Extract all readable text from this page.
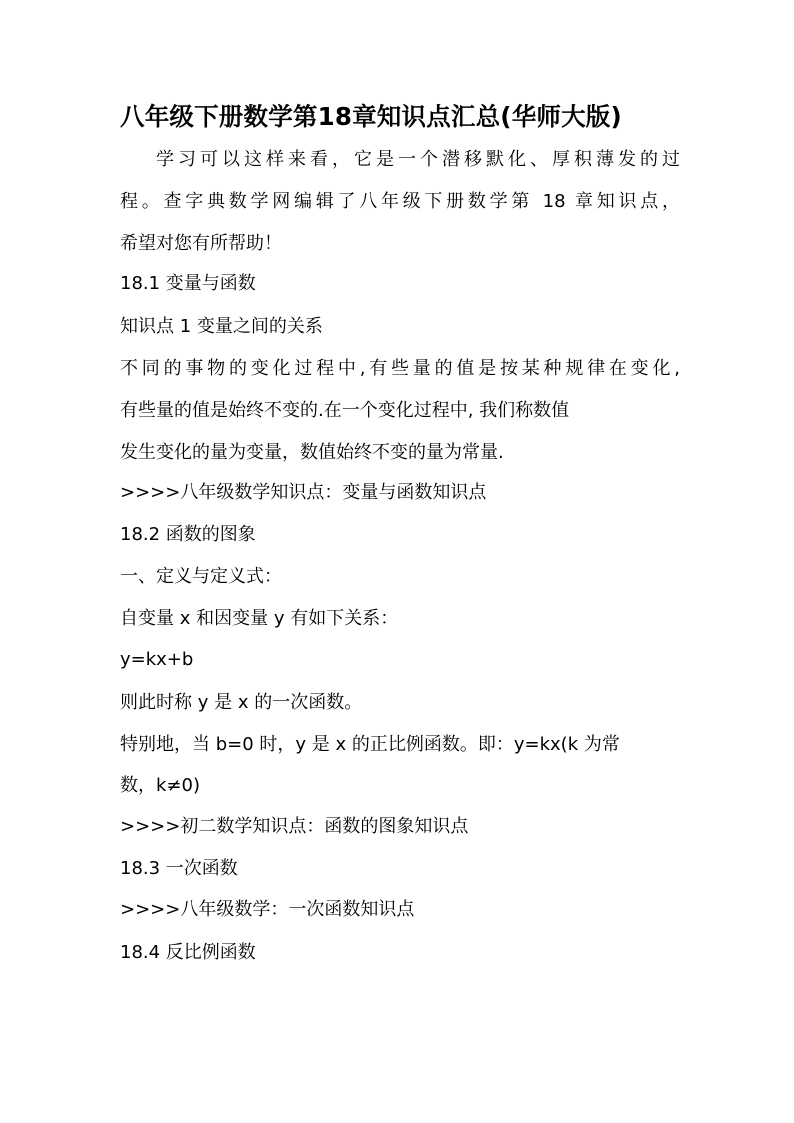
八年级下册数学第18章知识点汇总(华师大版)
学习可以这样来看，它是一个潜移默化、厚积薄发的过
程。查字典数学网编辑了八年级下册数学第 18 章知识点，
希望对您有所帮助！
18.1 变量与函数
知识点 1 变量之间的关系
不同的事物的变化过程中,有些量的值是按某种规律在变化,
有些量的值是始终不变的.在一个变化过程中, 我们称数值
发生变化的量为变量，数值始终不变的量为常量.
>>>>八年级数学知识点：变量与函数知识点
18.2 函数的图象
一、定义与定义式：
自变量 x 和因变量 y 有如下关系：
y=kx+b
则此时称 y 是 x 的一次函数。
特别地，当 b=0 时，y 是 x 的正比例函数。即：y=kx(k 为常
数，k≠0)
>>>>初二数学知识点：函数的图象知识点
18.3 一次函数
>>>>八年级数学：一次函数知识点
18.4 反比例函数
